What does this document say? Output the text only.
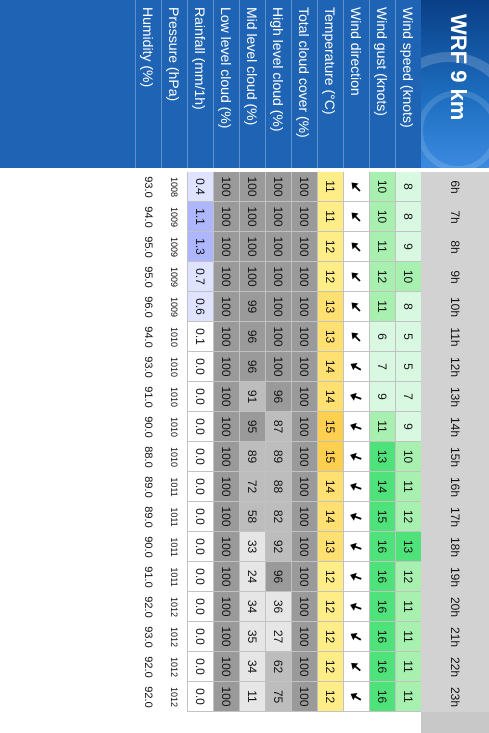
WRF 9 km
Wind speed (knots)
Wind gust (knots)
Wind direction
Temperature (°C)
Total cloud cover (%)
High level cloud (%)
Mid level cloud (%)
Low level cloud (%)
Rainfall (mm/1h)
Pressure (hPa)
Humidity (%)
6h
7h
8h
9h
10h
11h
12h
13h
14h
15h
16h
17h
18h
19h
20h
21h
22h
23h
8
8
9
10
8
5
5
7
9
10
11
12
13
12
11
11
11
11
10
10
11
12
11
6
7
9
11
13
14
15
16
16
16
16
16
16
11
11
12
12
13
13
14
14
15
15
14
14
13
12
12
12
12
12
100
100
100
100
100
100
100
100
100
100
100
100
100
100
100
100
100
100
100
100
100
100
100
100
100
96
87
89
88
82
92
96
36
27
62
75
100
100
100
100
99
96
96
91
95
89
72
58
33
24
34
35
34
11
100
100
100
100
100
100
100
100
100
100
100
100
100
100
100
100
100
100
0.4
1.1
1.3
0.7
0.6
0.1
0.0
0.0
0.0
0.0
0.0
0.0
0.0
0.0
0.0
0.0
0.0
0.0
1008
1009
1009
1009
1009
1010
1010
1010
1010
1010
1011
1011
1011
1011
1012
1012
1012
1012
93.0
94.0
95.0
95.0
96.0
94.0
93.0
91.0
90.0
88.0
89.0
89.0
90.0
91.0
92.0
93.0
92.0
92.0
